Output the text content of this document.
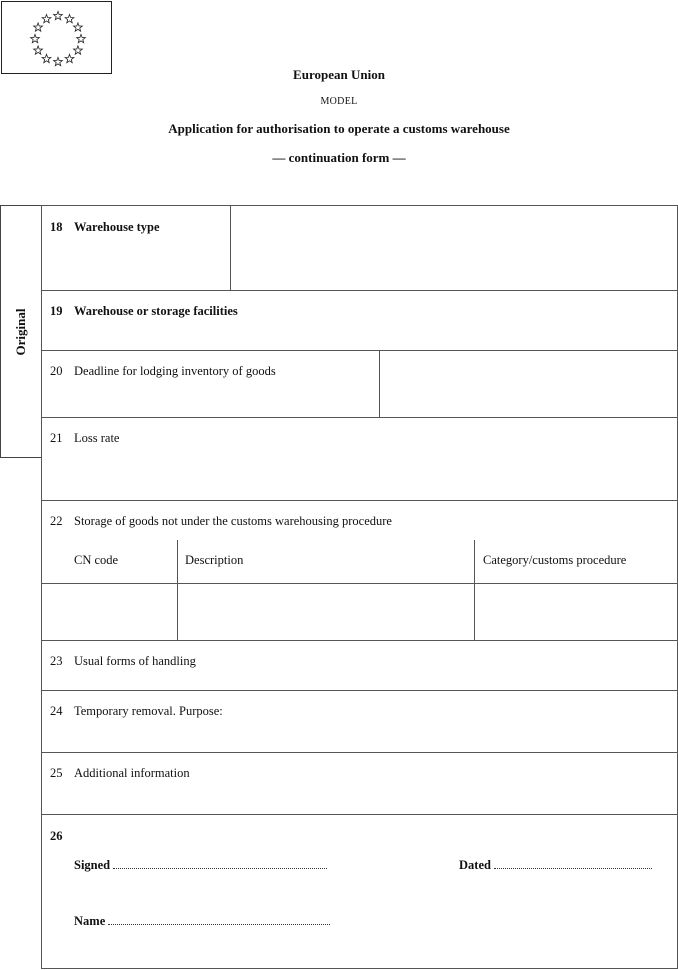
European Union
MODEL
Application for authorisation to operate a customs warehouse
— continuation form —
Original
18 Warehouse type
19 Warehouse or storage facilities
20 Deadline for lodging inventory of goods
21 Loss rate
22 Storage of goods not under the customs warehousing procedure
CN code	Description	Category/customs procedure
23 Usual forms of handling
24 Temporary removal. Purpose:
25 Additional information
26
Signed	Dated
Name
